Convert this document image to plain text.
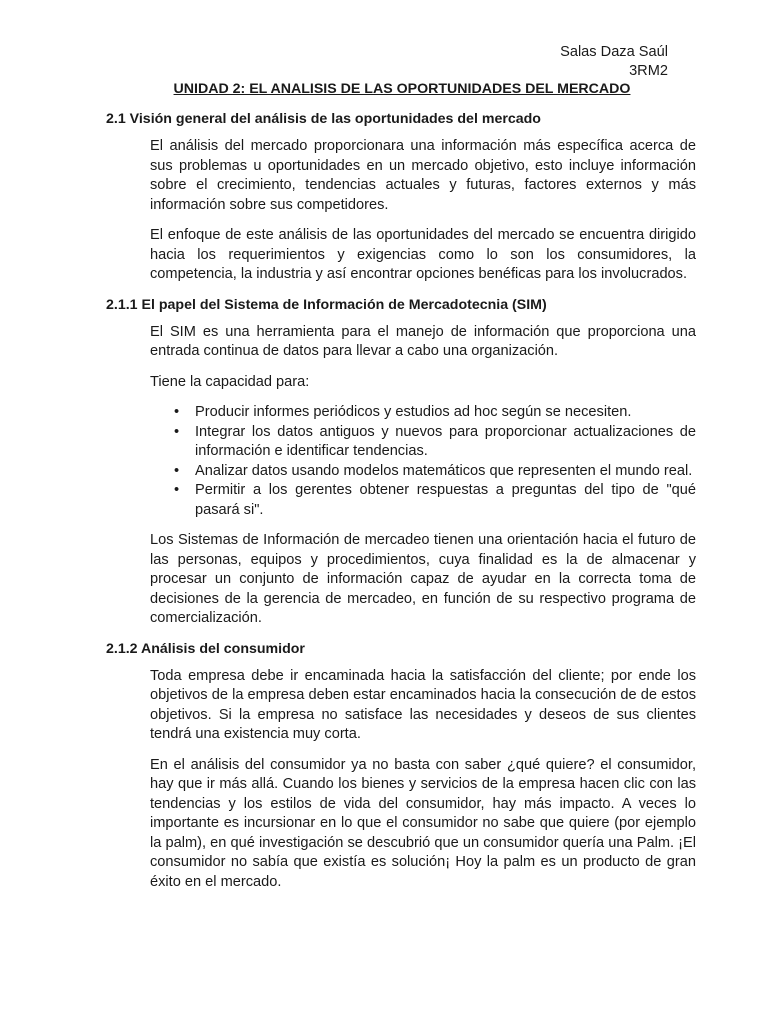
Salas Daza Saúl
3RM2
UNIDAD 2: EL ANALISIS DE LAS OPORTUNIDADES DEL MERCADO
2.1 Visión general del análisis de las oportunidades del mercado

El análisis del mercado proporcionara una información más específica acerca de sus problemas u oportunidades en un mercado objetivo, esto incluye información sobre el crecimiento, tendencias actuales y futuras, factores externos y más información sobre sus competidores.

El enfoque de este análisis de las oportunidades del mercado se encuentra dirigido hacia los requerimientos y exigencias como lo son los consumidores, la competencia, la industria y así encontrar opciones benéficas para los involucrados.

2.1.1 El papel del Sistema de Información de Mercadotecnia (SIM)

El SIM es una herramienta para el manejo de información que proporciona una entrada continua de datos para llevar a cabo una organización.

Tiene la capacidad para:

• Producir informes periódicos y estudios ad hoc según se necesiten.
• Integrar los datos antiguos y nuevos para proporcionar actualizaciones de información e identificar tendencias.
• Analizar datos usando modelos matemáticos que representen el mundo real.
• Permitir a los gerentes obtener respuestas a preguntas del tipo de "qué pasará si".

Los Sistemas de Información de mercadeo tienen una orientación hacia el futuro de las personas, equipos y procedimientos, cuya finalidad es la de almacenar y procesar un conjunto de información capaz de ayudar en la correcta toma de decisiones de la gerencia de mercadeo, en función de su respectivo programa de comercialización.

2.1.2 Análisis del consumidor

Toda empresa debe ir encaminada hacia la satisfacción del cliente; por ende los objetivos de la empresa deben estar encaminados hacia la consecución de de estos objetivos. Si la empresa no satisface las necesidades y deseos de sus clientes tendrá una existencia muy corta.

En el análisis del consumidor ya no basta con saber ¿qué quiere? el consumidor, hay que ir más allá. Cuando los bienes y servicios de la empresa hacen clic con las tendencias y los estilos de vida del consumidor, hay más impacto. A veces lo importante es incursionar en lo que el consumidor no sabe que quiere (por ejemplo la palm), en qué investigación se descubrió que un consumidor quería una Palm. ¡El consumidor no sabía que existía es solución¡ Hoy la palm es un producto de gran éxito en el mercado.
